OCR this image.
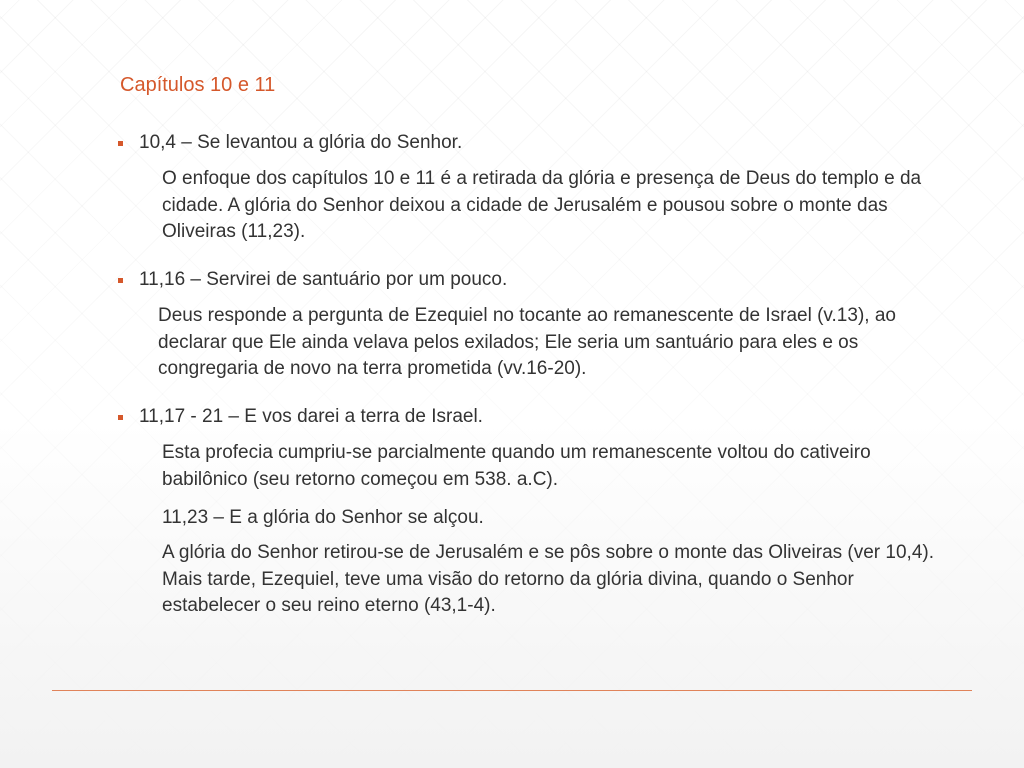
Capítulos 10 e 11
10,4 – Se levantou a glória do Senhor.

O enfoque dos capítulos 10 e 11 é a retirada da glória e presença de Deus do templo e da cidade. A glória do Senhor deixou a cidade de Jerusalém e pousou sobre o monte das Oliveiras (11,23).

11,16 – Servirei de santuário por um pouco.

Deus responde a pergunta de Ezequiel no tocante ao remanescente de Israel (v.13), ao declarar que Ele ainda velava pelos exilados; Ele seria um santuário para eles e os congregaria de novo na terra prometida (vv.16-20).

11,17 - 21 – E vos darei a terra de Israel.

Esta profecia cumpriu-se parcialmente quando um remanescente voltou do cativeiro babilônico (seu retorno começou em 538. a.C).

11,23 – E a glória do Senhor se alçou.

A glória do Senhor retirou-se de Jerusalém e se pôs sobre o monte das Oliveiras (ver 10,4). Mais tarde, Ezequiel, teve uma visão do retorno da glória divina, quando o Senhor estabelecer o seu reino eterno (43,1-4).
